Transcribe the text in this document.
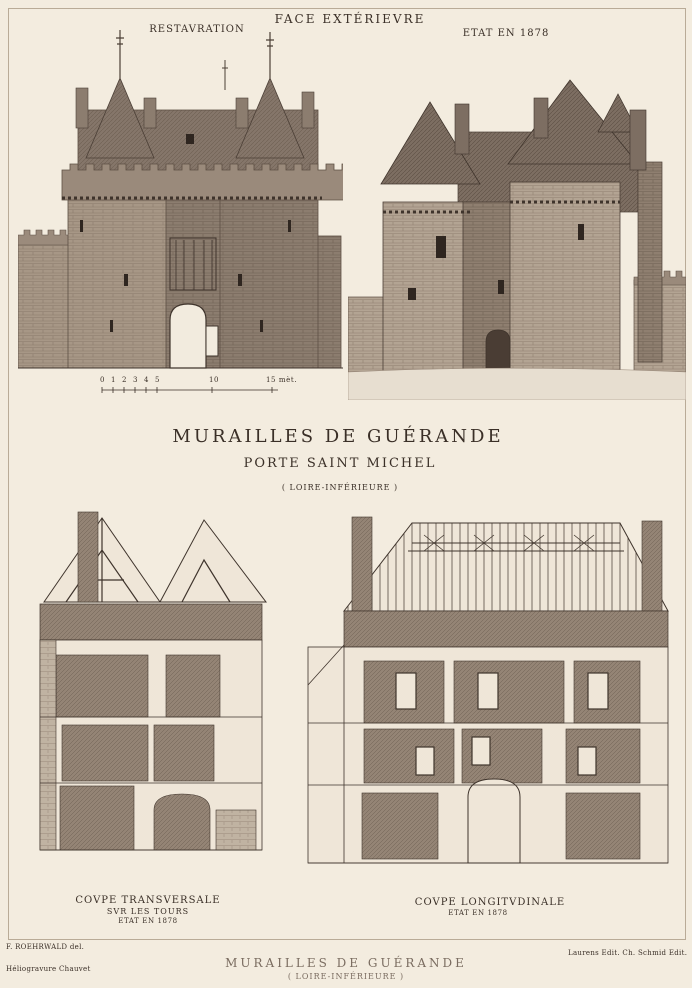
FACE EXTÉRIEVRE
RESTAVRATION	ETAT EN 1878
0 1 2 3 4 5	10	15 mèt.
MURAILLES DE GUÉRANDE
PORTE SAINT MICHEL
( LOIRE-INFÉRIEURE )
COVPE TRANSVERSALE
SVR LES TOURS
ETAT EN 1878
COVPE LONGITVDINALE
ETAT EN 1878
F. ROEHRWALD del.
Laurens Edit. Ch. Schmid Edit.
Héliogravure Chauvet	MURAILLES DE GUÉRANDE
( LOIRE-INFÉRIEURE )
